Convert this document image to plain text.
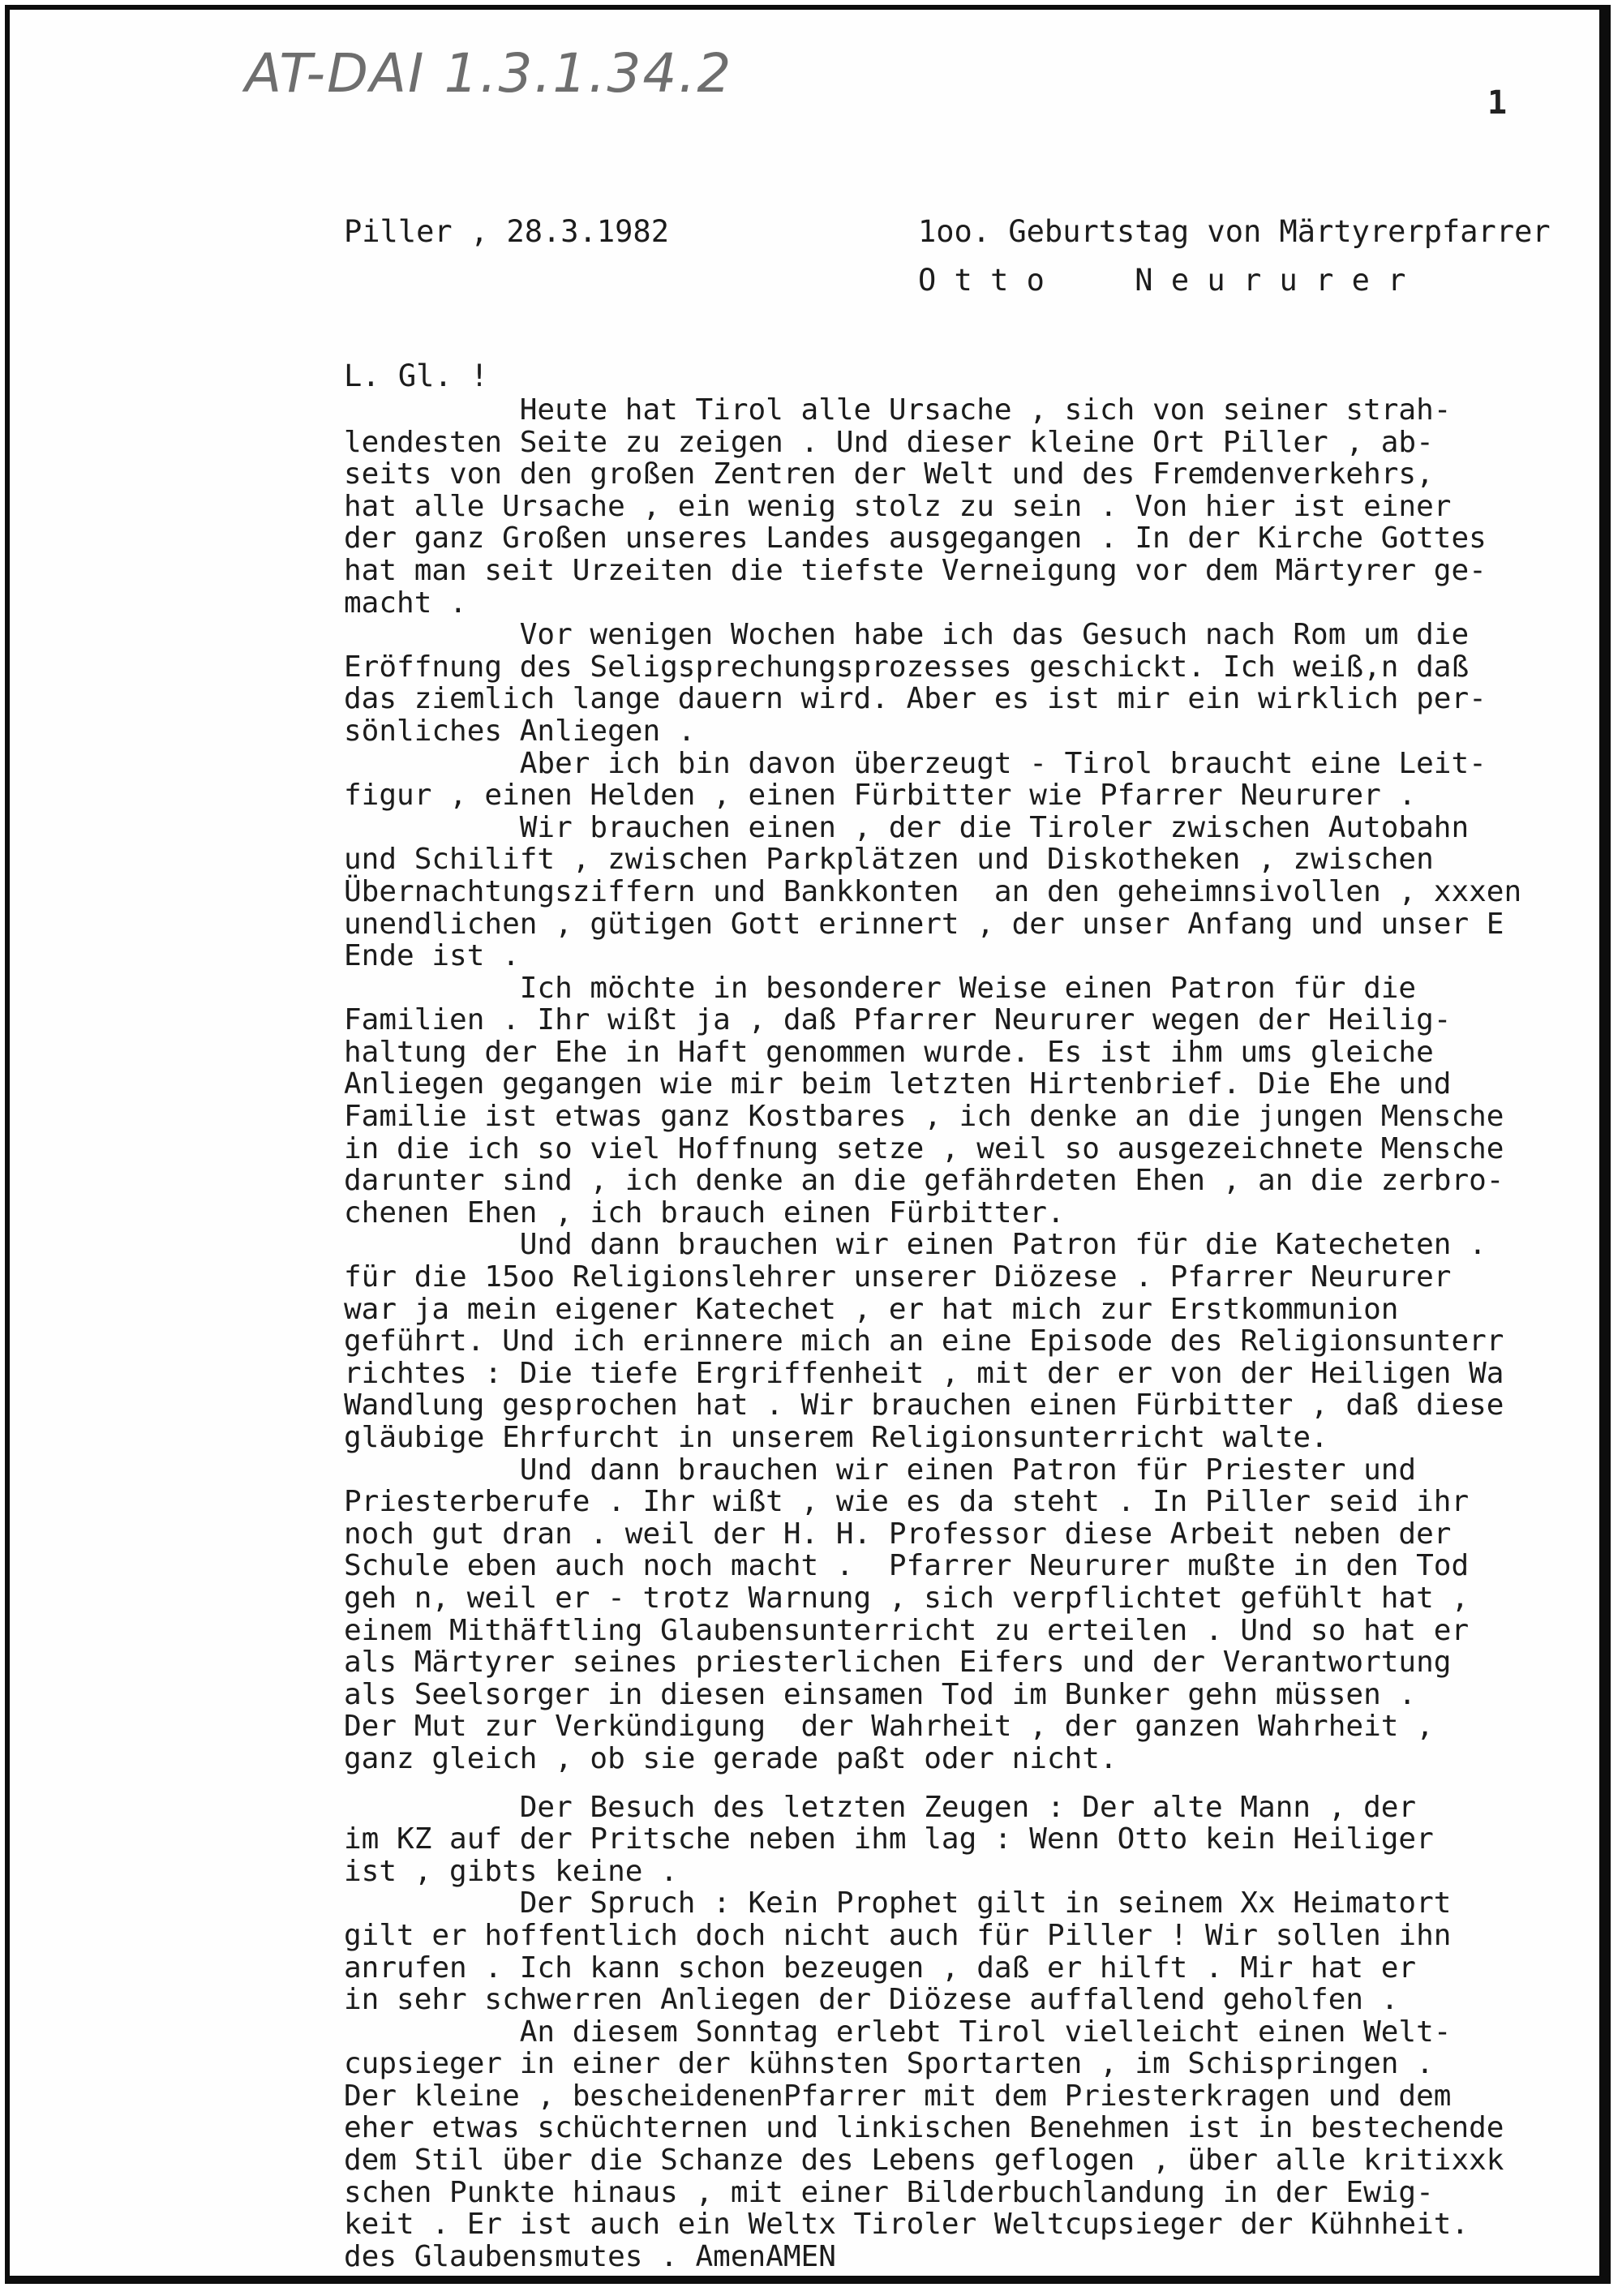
AT-DAI 1.3.1.34.2	1
Piller , 28.3.1982	1oo. Geburtstag von Märtyrerpfarrer
O t t o     N e u r u r e r
L. Gl. !
Heute hat Tirol alle Ursache , sich von seiner strah-
lendesten Seite zu zeigen . Und dieser kleine Ort Piller , ab-
seits von den großen Zentren der Welt und des Fremdenverkehrs,
hat alle Ursache , ein wenig stolz zu sein . Von hier ist einer
der ganz Großen unseres Landes ausgegangen . In der Kirche Gottes
hat man seit Urzeiten die tiefste Verneigung vor dem Märtyrer ge-
macht .
Vor wenigen Wochen habe ich das Gesuch nach Rom um die
Eröffnung des Seligsprechungsprozesses geschickt. Ich weiß,n daß
das ziemlich lange dauern wird. Aber es ist mir ein wirklich per-
sönliches Anliegen .
Aber ich bin davon überzeugt - Tirol braucht eine Leit-
figur , einen Helden , einen Fürbitter wie Pfarrer Neururer .
Wir brauchen einen , der die Tiroler zwischen Autobahn
und Schilift , zwischen Parkplätzen und Diskotheken , zwischen
Übernachtungsziffern und Bankkonten  an den geheimnsivollen , xxxen
unendlichen , gütigen Gott erinnert , der unser Anfang und unser E
Ende ist .
Ich möchte in besonderer Weise einen Patron für die
Familien . Ihr wißt ja , daß Pfarrer Neururer wegen der Heilig-
haltung der Ehe in Haft genommen wurde. Es ist ihm ums gleiche
Anliegen gegangen wie mir beim letzten Hirtenbrief. Die Ehe und
Familie ist etwas ganz Kostbares , ich denke an die jungen Mensche
in die ich so viel Hoffnung setze , weil so ausgezeichnete Mensche
darunter sind , ich denke an die gefährdeten Ehen , an die zerbro-
chenen Ehen , ich brauch einen Fürbitter.
Und dann brauchen wir einen Patron für die Katecheten .
für die 15oo Religionslehrer unserer Diözese . Pfarrer Neururer
war ja mein eigener Katechet , er hat mich zur Erstkommunion
geführt. Und ich erinnere mich an eine Episode des Religionsunterr
richtes : Die tiefe Ergriffenheit , mit der er von der Heiligen Wa
Wandlung gesprochen hat . Wir brauchen einen Fürbitter , daß diese
gläubige Ehrfurcht in unserem Religionsunterricht walte.
Und dann brauchen wir einen Patron für Priester und
Priesterberufe . Ihr wißt , wie es da steht . In Piller seid ihr
noch gut dran . weil der H. H. Professor diese Arbeit neben der
Schule eben auch noch macht .  Pfarrer Neururer mußte in den Tod
geh n, weil er - trotz Warnung , sich verpflichtet gefühlt hat ,
einem Mithäftling Glaubensunterricht zu erteilen . Und so hat er
als Märtyrer seines priesterlichen Eifers und der Verantwortung
als Seelsorger in diesen einsamen Tod im Bunker gehn müssen .
Der Mut zur Verkündigung  der Wahrheit , der ganzen Wahrheit ,
ganz gleich , ob sie gerade paßt oder nicht.
Der Besuch des letzten Zeugen : Der alte Mann , der
im KZ auf der Pritsche neben ihm lag : Wenn Otto kein Heiliger
ist , gibts keine .
Der Spruch : Kein Prophet gilt in seinem Xx Heimatort
gilt er hoffentlich doch nicht auch für Piller ! Wir sollen ihn
anrufen . Ich kann schon bezeugen , daß er hilft . Mir hat er
in sehr schwerren Anliegen der Diözese auffallend geholfen .
An diesem Sonntag erlebt Tirol vielleicht einen Welt-
cupsieger in einer der kühnsten Sportarten , im Schispringen .
Der kleine , bescheidenenPfarrer mit dem Priesterkragen und dem
eher etwas schüchternen und linkischen Benehmen ist in bestechende
dem Stil über die Schanze des Lebens geflogen , über alle kritixxk
schen Punkte hinaus , mit einer Bilderbuchlandung in der Ewig-
keit . Er ist auch ein Weltx Tiroler Weltcupsieger der Kühnheit.
des Glaubensmutes . AmenAMEN
